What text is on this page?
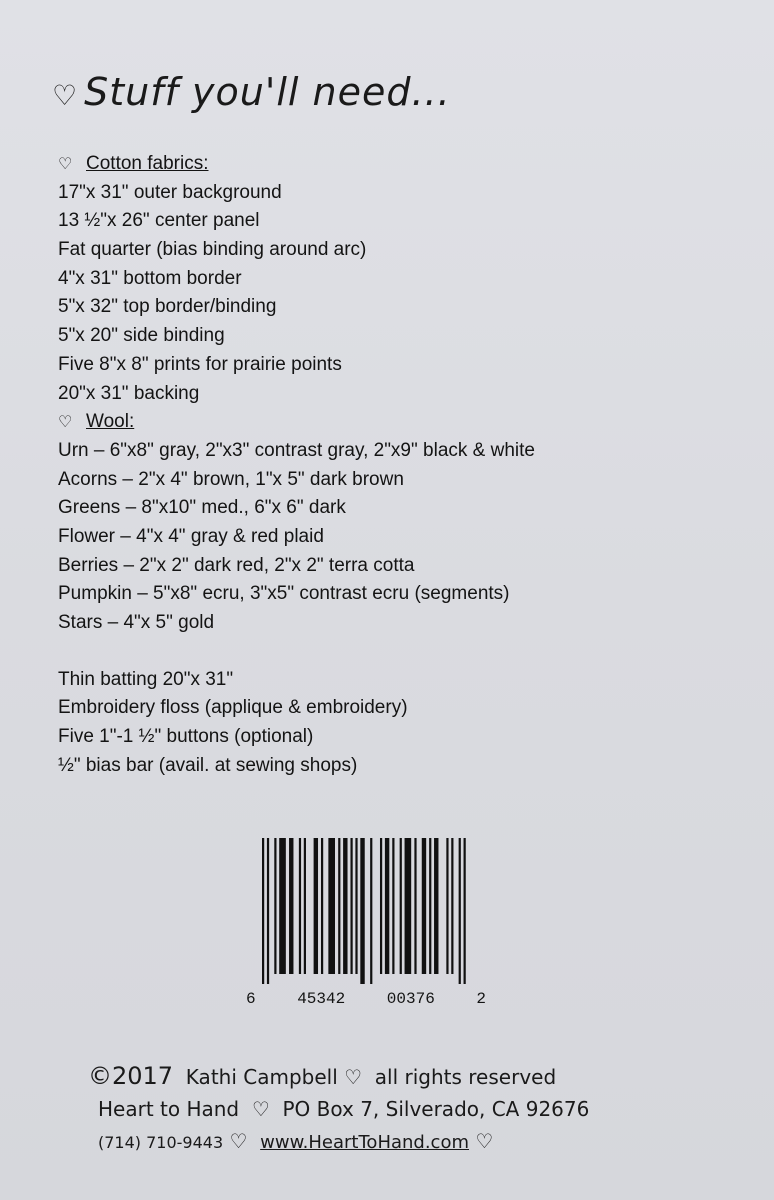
♡ Stuff you'll need...
♡ Cotton fabrics:
17"x 31" outer background
13 ½"x 26" center panel
Fat quarter (bias binding around arc)
4"x 31" bottom border
5"x 32" top border/binding
5"x 20" side binding
Five 8"x 8" prints for prairie points
20"x 31" backing
♡ Wool:
Urn – 6"x8" gray, 2"x3" contrast gray, 2"x9" black & white
Acorns – 2"x 4" brown, 1"x 5" dark brown
Greens – 8"x10" med., 6"x 6" dark
Flower – 4"x 4" gray & red plaid
Berries – 2"x 2" dark red, 2"x 2" terra cotta
Pumpkin – 5"x8" ecru, 3"x5" contrast ecru (segments)
Stars – 4"x 5" gold
Thin batting 20"x 31"
Embroidery floss (applique & embroidery)
Five 1"-1 ½" buttons (optional)
½" bias bar (avail. at sewing shops)
6	45342	00376	2
©2017 Kathi Campbell ♡ all rights reserved
Heart to Hand ♡ PO Box 7, Silverado, CA 92676
(714) 710-9443 ♡ www.HeartToHand.com ♡
